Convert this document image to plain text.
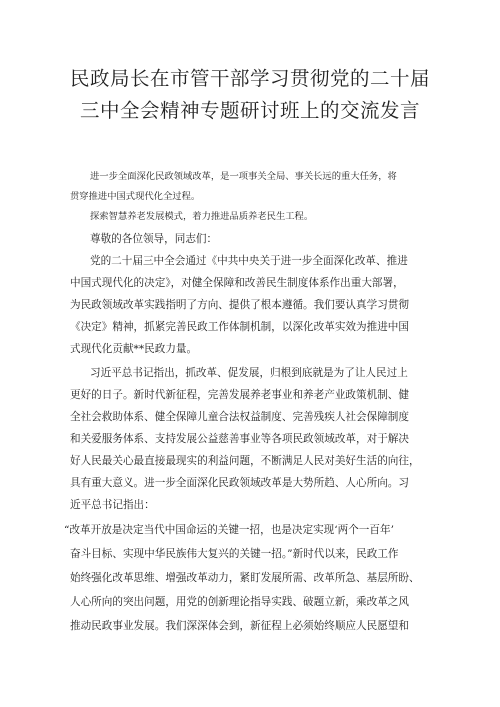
民政局长在市管干部学习贯彻党的二十届
三中全会精神专题研讨班上的交流发言
进一步全面深化民政领域改革，是一项事关全局、事关长远的重大任务，将
贯穿推进中国式现代化全过程。
探索智慧养老发展模式，着力推进品质养老民生工程。
尊敬的各位领导，同志们：
党的二十届三中全会通过《中共中央关于进一步全面深化改革、推进
中国式现代化的决定》，对健全保障和改善民生制度体系作出重大部署，
为民政领域改革实践指明了方向、提供了根本遵循。我们要认真学习贯彻
《决定》精神，抓紧完善民政工作体制机制，以深化改革实效为推进中国
式现代化贡献**民政力量。
习近平总书记指出，抓改革、促发展，归根到底就是为了让人民过上
更好的日子。新时代新征程，完善发展养老事业和养老产业政策机制、健
全社会救助体系、健全保障儿童合法权益制度、完善残疾人社会保障制度
和关爱服务体系、支持发展公益慈善事业等各项民政领域改革，对于解决
好人民最关心最直接最现实的利益问题，不断满足人民对美好生活的向往，
具有重大意义。进一步全面深化民政领域改革是大势所趋、人心所向。习
近平总书记指出：
“改革开放是决定当代中国命运的关键一招，也是决定实现‘两个一百年’
奋斗目标、实现中华民族伟大复兴的关键一招。”新时代以来，民政工作
始终强化改革思维、增强改革动力，紧盯发展所需、改革所急、基层所盼、
人心所向的突出问题，用党的创新理论指导实践、破题立新，乘改革之风
推动民政事业发展。我们深深体会到，新征程上必须始终顺应人民愿望和
